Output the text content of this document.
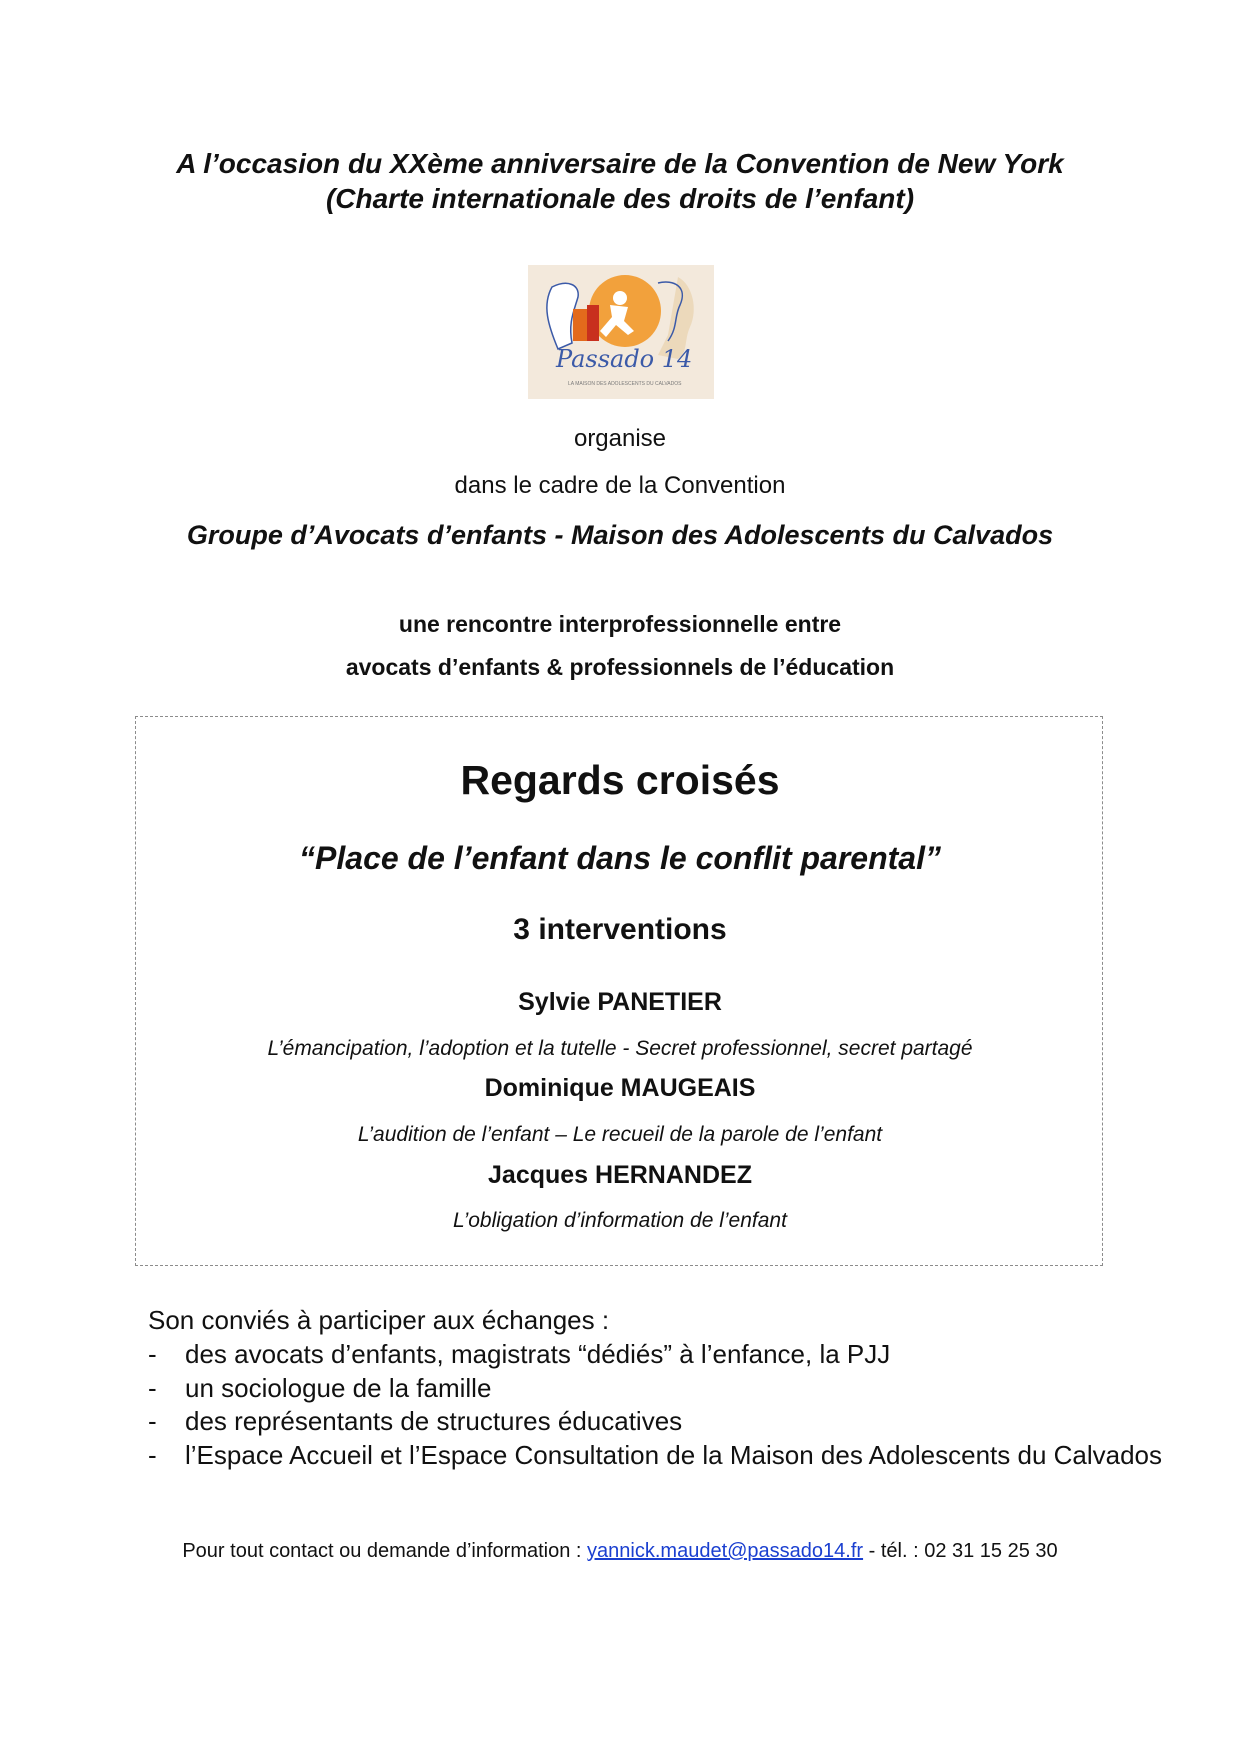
A l’occasion du XXème anniversaire de la Convention de New York
(Charte internationale des droits de l’enfant)
Passado 14
LA MAISON DES ADOLESCENTS DU CALVADOS
organise
dans le cadre de la Convention
Groupe d’Avocats d’enfants - Maison des Adolescents du Calvados
une rencontre interprofessionnelle entre
avocats d’enfants & professionnels de l’éducation
Regards croisés
“Place de l’enfant dans le conflit parental”
3 interventions
Sylvie PANETIER
L’émancipation, l’adoption et la tutelle - Secret professionnel, secret partagé
Dominique MAUGEAIS
L’audition de l’enfant – Le recueil de la parole de l’enfant
Jacques HERNANDEZ
L’obligation d’information de l’enfant
Son conviés à participer aux échanges :
- des avocats d’enfants, magistrats “dédiés” à l’enfance, la PJJ
- un sociologue de la famille
- des représentants de structures éducatives
- l’Espace Accueil et l’Espace Consultation de la Maison des Adolescents du Calvados
Pour tout contact ou demande d’information : yannick.maudet@passado14.fr - tél. : 02 31 15 25 30
